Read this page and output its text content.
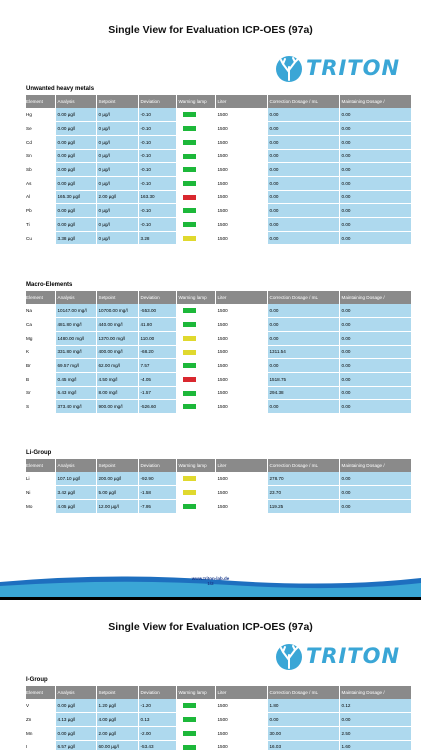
Single View for Evaluation ICP-OES (97a)
TRITON
Unwanted heavy metals
Element	Analysis	Setpoint	Deviation	Warning lamp	Liter	Correction Dosage / mL	Maintaining Dosage /
Hg	0.00 µg/l	0 µg/l	-0.10		1500	0.00	0.00
Se	0.00 µg/l	0 µg/l	-0.10		1500	0.00	0.00
Cd	0.00 µg/l	0 µg/l	-0.10		1500	0.00	0.00
Sn	0.00 µg/l	0 µg/l	-0.10		1500	0.00	0.00
Sb	0.00 µg/l	0 µg/l	-0.10		1500	0.00	0.00
As	0.00 µg/l	0 µg/l	-0.10		1500	0.00	0.00
Al	165.30 µg/l	2.00 µg/l	163.30		1500	0.00	0.00
Pb	0.00 µg/l	0 µg/l	-0.10		1500	0.00	0.00
Ti	0.00 µg/l	0 µg/l	-0.10		1500	0.00	0.00
Cu	3.38 µg/l	0 µg/l	3.28		1500	0.00	0.00
Macro-Elements
Element	Analysis	Setpoint	Deviation	Warning lamp	Liter	Correction Dosage / mL	Maintaining Dosage /
Na	10147.00 mg/l	10700.00 mg/l	-553.00		1500	0.00	0.00
Ca	481.80 mg/l	440.00 mg/l	41.80		1500	0.00	0.00
Mg	1480.00 mg/l	1370.00 mg/l	110.00		1500	0.00	0.00
K	331.80 mg/l	400.00 mg/l	-68.20		1500	1311.54	0.00
Br	69.57 mg/l	62.00 mg/l	7.57		1500	0.00	0.00
B	0.45 mg/l	4.50 mg/l	-4.05		1500	1518.75	0.00
Sr	6.43 mg/l	8.00 mg/l	-1.57		1500	294.38	0.00
S	373.40 mg/l	900.00 mg/l	-526.60		1500	0.00	0.00
Li-Group
Element	Analysis	Setpoint	Deviation	Warning lamp	Liter	Correction Dosage / mL	Maintaining Dosage /
Li	107.10 µg/l	200.00 µg/l	-92.90		1500	278.70	0.00
Ni	3.42 µg/l	5.00 µg/l	-1.58		1500	23.70	0.00
Mo	4.05 µg/l	12.00 µg/l	-7.95		1500	119.25	0.00
www.triton-lab.de
1/2
Single View for Evaluation ICP-OES (97a)
TRITON
I-Group
Element	Analysis	Setpoint	Deviation	Warning lamp	Liter	Correction Dosage / mL	Maintaining Dosage /
V	0.00 µg/l	1.20 µg/l	-1.20		1500	1.80	0.12
Zn	4.13 µg/l	4.00 µg/l	0.13		1500	0.00	0.00
Mn	0.00 µg/l	2.00 µg/l	-2.00		1500	30.00	2.50
I	6.57 µg/l	60.00 µg/l	-53.43		1500	16.03	1.60
